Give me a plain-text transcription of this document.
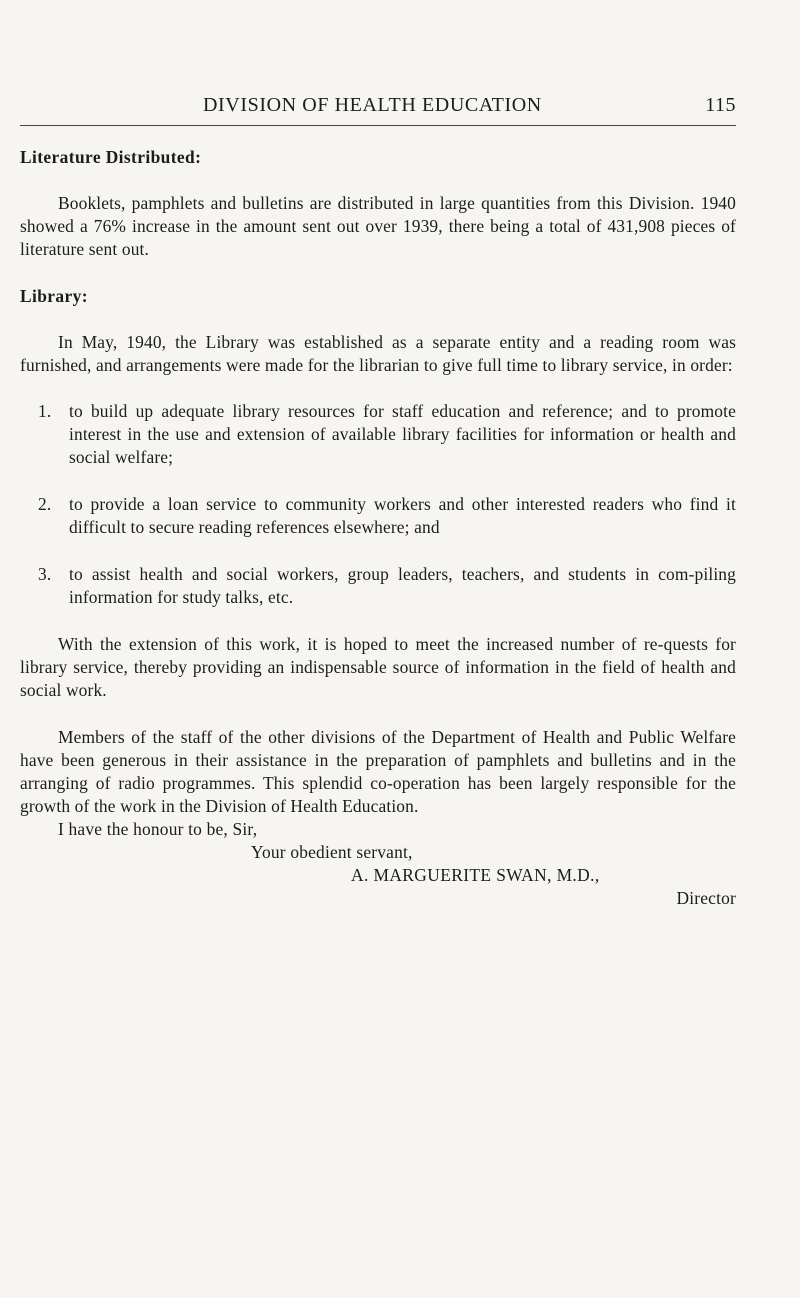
DIVISION OF HEALTH EDUCATION	115

Literature Distributed:

Booklets, pamphlets and bulletins are distributed in large quantities from this Division. 1940 showed a 76% increase in the amount sent out over 1939, there being a total of 431,908 pieces of literature sent out.

Library:

In May, 1940, the Library was established as a separate entity and a reading room was furnished, and arrangements were made for the librarian to give full time to library service, in order:

1. to build up adequate library resources for staff education and reference; and to promote interest in the use and extension of available library facilities for information or health and social welfare;
2. to provide a loan service to community workers and other interested readers who find it difficult to secure reading references elsewhere; and
3. to assist health and social workers, group leaders, teachers, and students in com-piling information for study talks, etc.

With the extension of this work, it is hoped to meet the increased number of re-quests for library service, thereby providing an indispensable source of information in the field of health and social work.

Members of the staff of the other divisions of the Department of Health and Public Welfare have been generous in their assistance in the preparation of pamphlets and bulletins and in the arranging of radio programmes. This splendid co-operation has been largely responsible for the growth of the work in the Division of Health Education.

I have the honour to be, Sir,

Your obedient servant,

A. MARGUERITE SWAN, M.D.,

Director
